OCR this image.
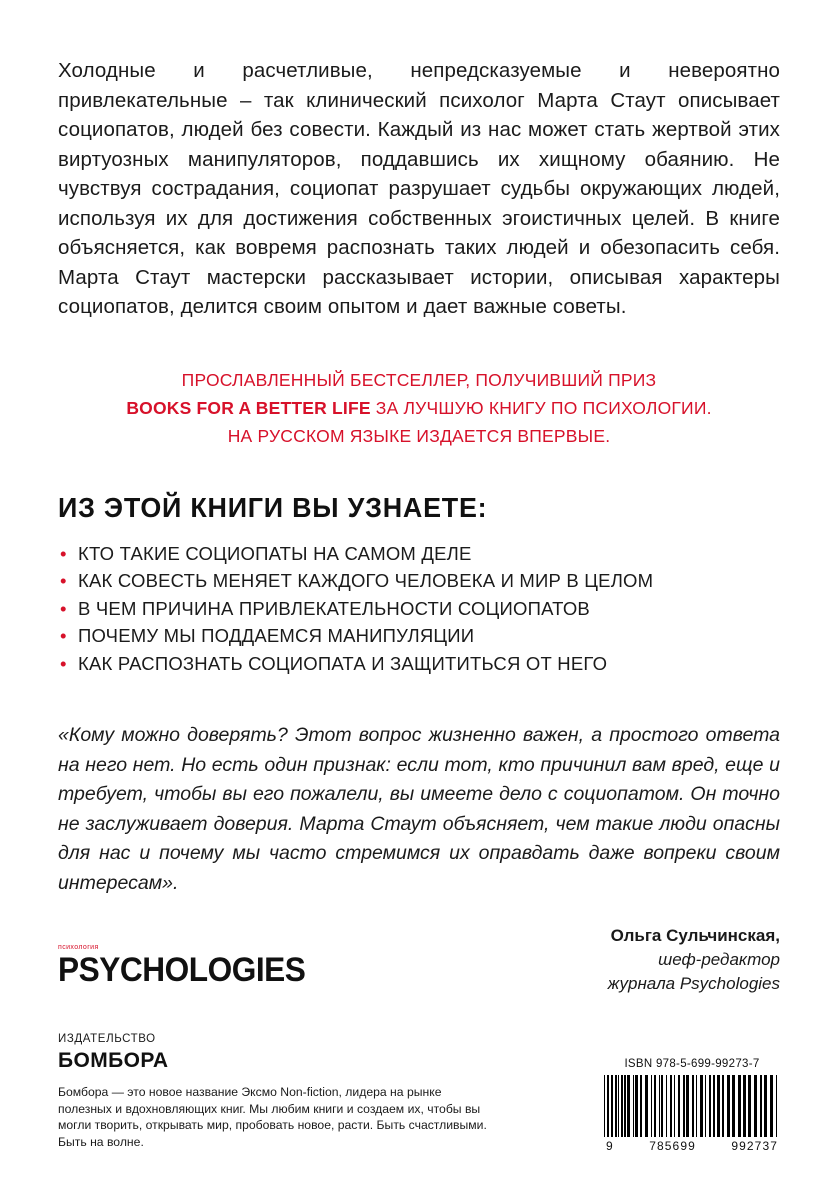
Холодные и расчетливые, непредсказуемые и невероятно привлекательные – так клинический психолог Марта Стаут описывает социопатов, людей без совести. Каждый из нас может стать жертвой этих виртуозных манипуляторов, поддавшись их хищному обаянию. Не чувствуя сострадания, социопат разрушает судьбы окружающих людей, используя их для достижения собственных эгоистичных целей. В книге объясняется, как вовремя распознать таких людей и обезопасить себя. Марта Стаут мастерски рассказывает истории, описывая характеры социопатов, делится своим опытом и дает важные советы.

ПРОСЛАВЛЕННЫЙ БЕСТСЕЛЛЕР, ПОЛУЧИВШИЙ ПРИЗ
BOOKS FOR A BETTER LIFE ЗА ЛУЧШУЮ КНИГУ ПО ПСИХОЛОГИИ.
НА РУССКОМ ЯЗЫКЕ ИЗДАЕТСЯ ВПЕРВЫЕ.
ИЗ ЭТОЙ КНИГИ ВЫ УЗНАЕТЕ:
• КТО ТАКИЕ СОЦИОПАТЫ НА САМОМ ДЕЛЕ
• КАК СОВЕСТЬ МЕНЯЕТ КАЖДОГО ЧЕЛОВЕКА И МИР В ЦЕЛОМ
• В ЧЕМ ПРИЧИНА ПРИВЛЕКАТЕЛЬНОСТИ СОЦИОПАТОВ
• ПОЧЕМУ МЫ ПОДДАЕМСЯ МАНИПУЛЯЦИИ
• КАК РАСПОЗНАТЬ СОЦИОПАТА И ЗАЩИТИТЬСЯ ОТ НЕГО

«Кому можно доверять? Этот вопрос жизненно важен, а простого ответа на него нет. Но есть один признак: если тот, кто причинил вам вред, еще и требует, чтобы вы его пожалели, вы имеете дело с социопатом. Он точно не заслуживает доверия. Марта Стаут объясняет, чем такие люди опасны для нас и почему мы часто стремимся их оправдать даже вопреки своим интересам».

Ольга Сульчинская,
шеф-редактор
журнала Psychologies
психология
PSYCHOLOGIES
ИЗДАТЕЛЬСТВО
БОМБОРА
Бомбора — это новое название Эксмо Non-fiction, лидера на рынке полезных и вдохновляющих книг. Мы любим книги и создаем их, чтобы вы могли творить, открывать мир, пробовать новое, расти. Быть счастливыми. Быть на волне.
ISBN 978-5-699-99273-7
9	785699	992737
